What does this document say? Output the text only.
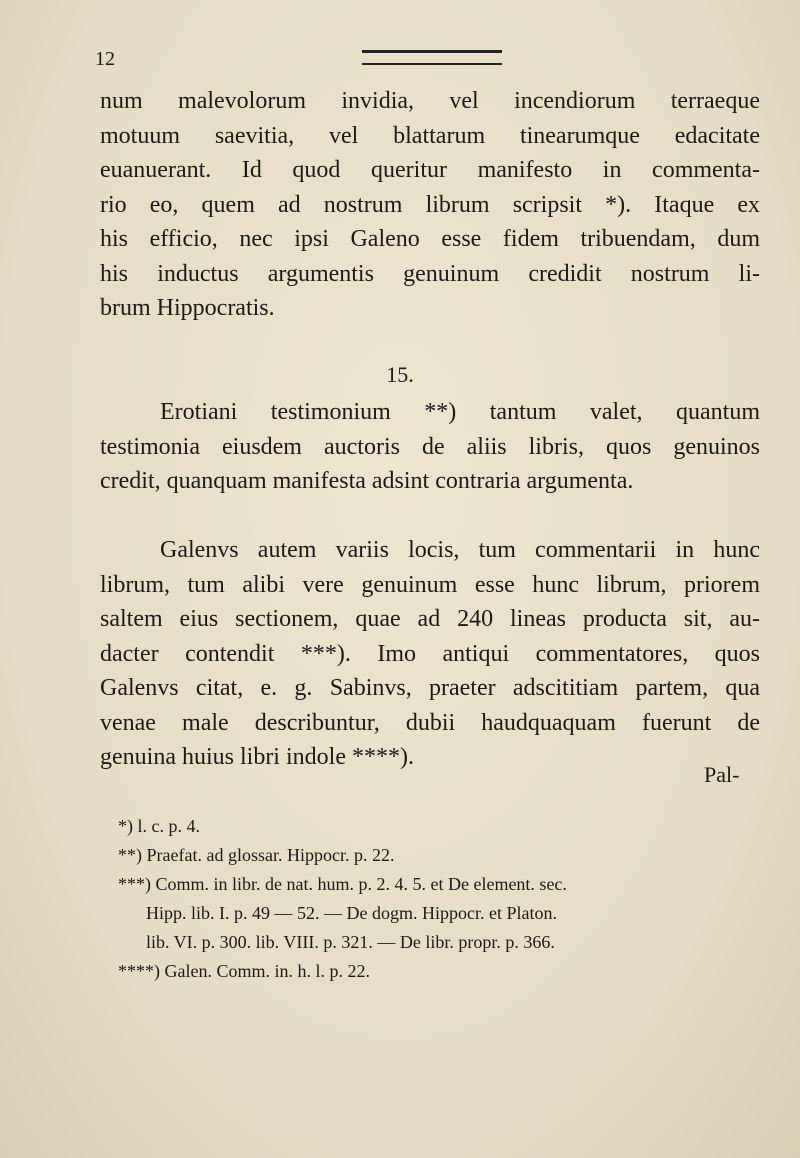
12
num malevolorum invidia, vel incendiorum terraeque
motuum saevitia, vel blattarum tinearumque edacitate
euanuerant. Id quod queritur manifesto in commenta-
rio eo, quem ad nostrum librum scripsit *). Itaque ex
his efficio, nec ipsi Galeno esse fidem tribuendam, dum
his inductus argumentis genuinum credidit nostrum li-
brum Hippocratis.
15.
Erotiani testimonium **) tantum valet, quantum
testimonia eiusdem auctoris de aliis libris, quos genuinos
credit, quanquam manifesta adsint contraria argumenta.
Galenvs autem variis locis, tum commentarii in hunc
librum, tum alibi vere genuinum esse hunc librum, priorem
saltem eius sectionem, quae ad 240 lineas producta sit, au-
dacter contendit ***). Imo antiqui commentatores, quos
Galenvs citat, e. g. Sabinvs, praeter adscititiam partem, qua
venae male describuntur, dubii haudquaquam fuerunt de
genuina huius libri indole ****).
Pal-
*) l. c. p. 4.
**) Praefat. ad glossar. Hippocr. p. 22.
***) Comm. in libr. de nat. hum. p. 2. 4. 5. et De element. sec.
Hipp. lib. I. p. 49 — 52. — De dogm. Hippocr. et Platon.
lib. VI. p. 300. lib. VIII. p. 321. — De libr. propr. p. 366.
****) Galen. Comm. in. h. l. p. 22.
